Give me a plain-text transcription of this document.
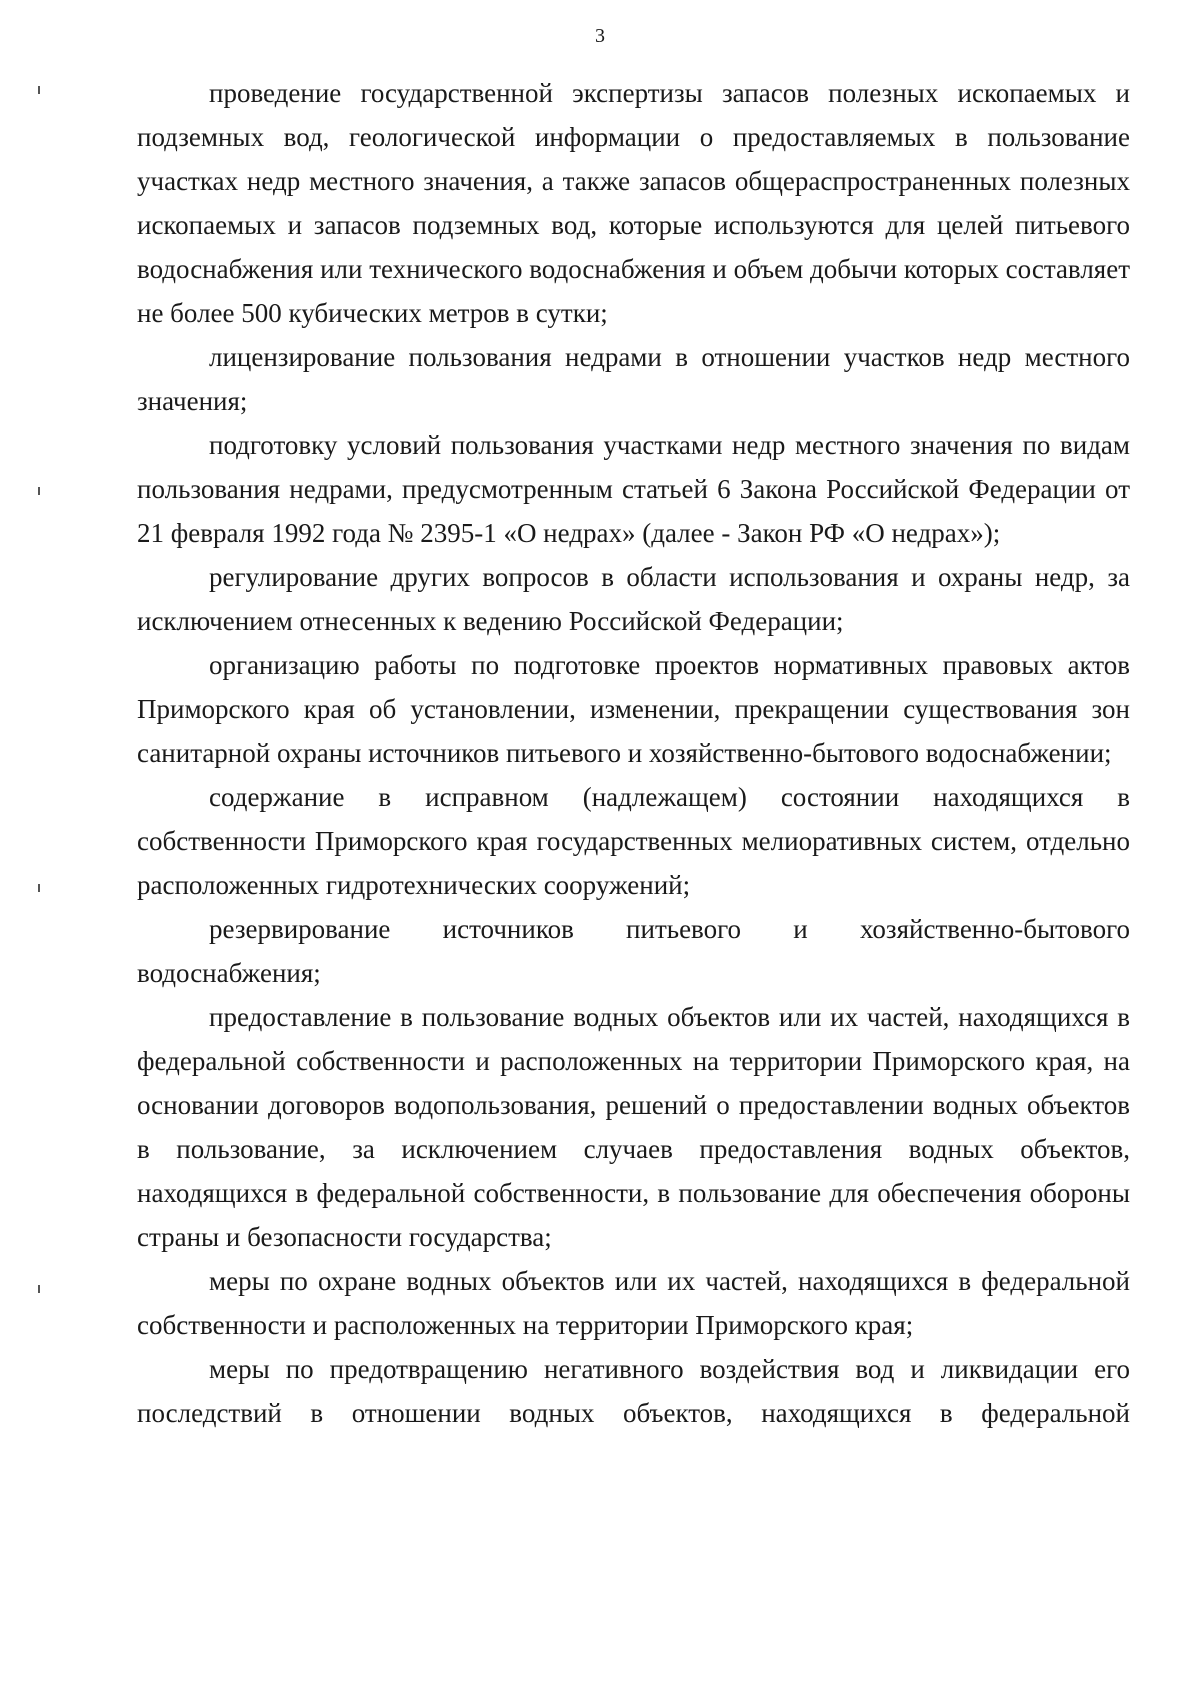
3

проведение государственной экспертизы запасов полезных ископаемых и подземных вод, геологической информации о предоставляемых в пользование участках недр местного значения, а также запасов общераспространенных полезных ископаемых и запасов подземных вод, которые используются для целей питьевого водоснабжения или технического водоснабжения и объем добычи которых составляет не более 500 кубических метров в сутки;

лицензирование пользования недрами в отношении участков недр местного значения;

подготовку условий пользования участками недр местного значения по видам пользования недрами, предусмотренным статьей 6 Закона Российской Федерации от 21 февраля 1992 года № 2395-1 «О недрах» (далее - Закон РФ «О недрах»);

регулирование других вопросов в области использования и охраны недр, за исключением отнесенных к ведению Российской Федерации;

организацию работы по подготовке проектов нормативных правовых актов Приморского края об установлении, изменении, прекращении существования зон санитарной охраны источников питьевого и хозяйственно-бытового водоснабжении;

содержание в исправном (надлежащем) состоянии находящихся в собственности Приморского края государственных мелиоративных систем, отдельно расположенных гидротехнических сооружений;

резервирование источников питьевого и хозяйственно-бытового водоснабжения;

предоставление в пользование водных объектов или их частей, находящихся в федеральной собственности и расположенных на территории Приморского края, на основании договоров водопользования, решений о предоставлении водных объектов в пользование, за исключением случаев предоставления водных объектов, находящихся в федеральной собственности, в пользование для обеспечения обороны страны и безопасности государства;

меры по охране водных объектов или их частей, находящихся в федеральной собственности и расположенных на территории Приморского края;

меры по предотвращению негативного воздействия вод и ликвидации его последствий в отношении водных объектов, находящихся в федеральной
